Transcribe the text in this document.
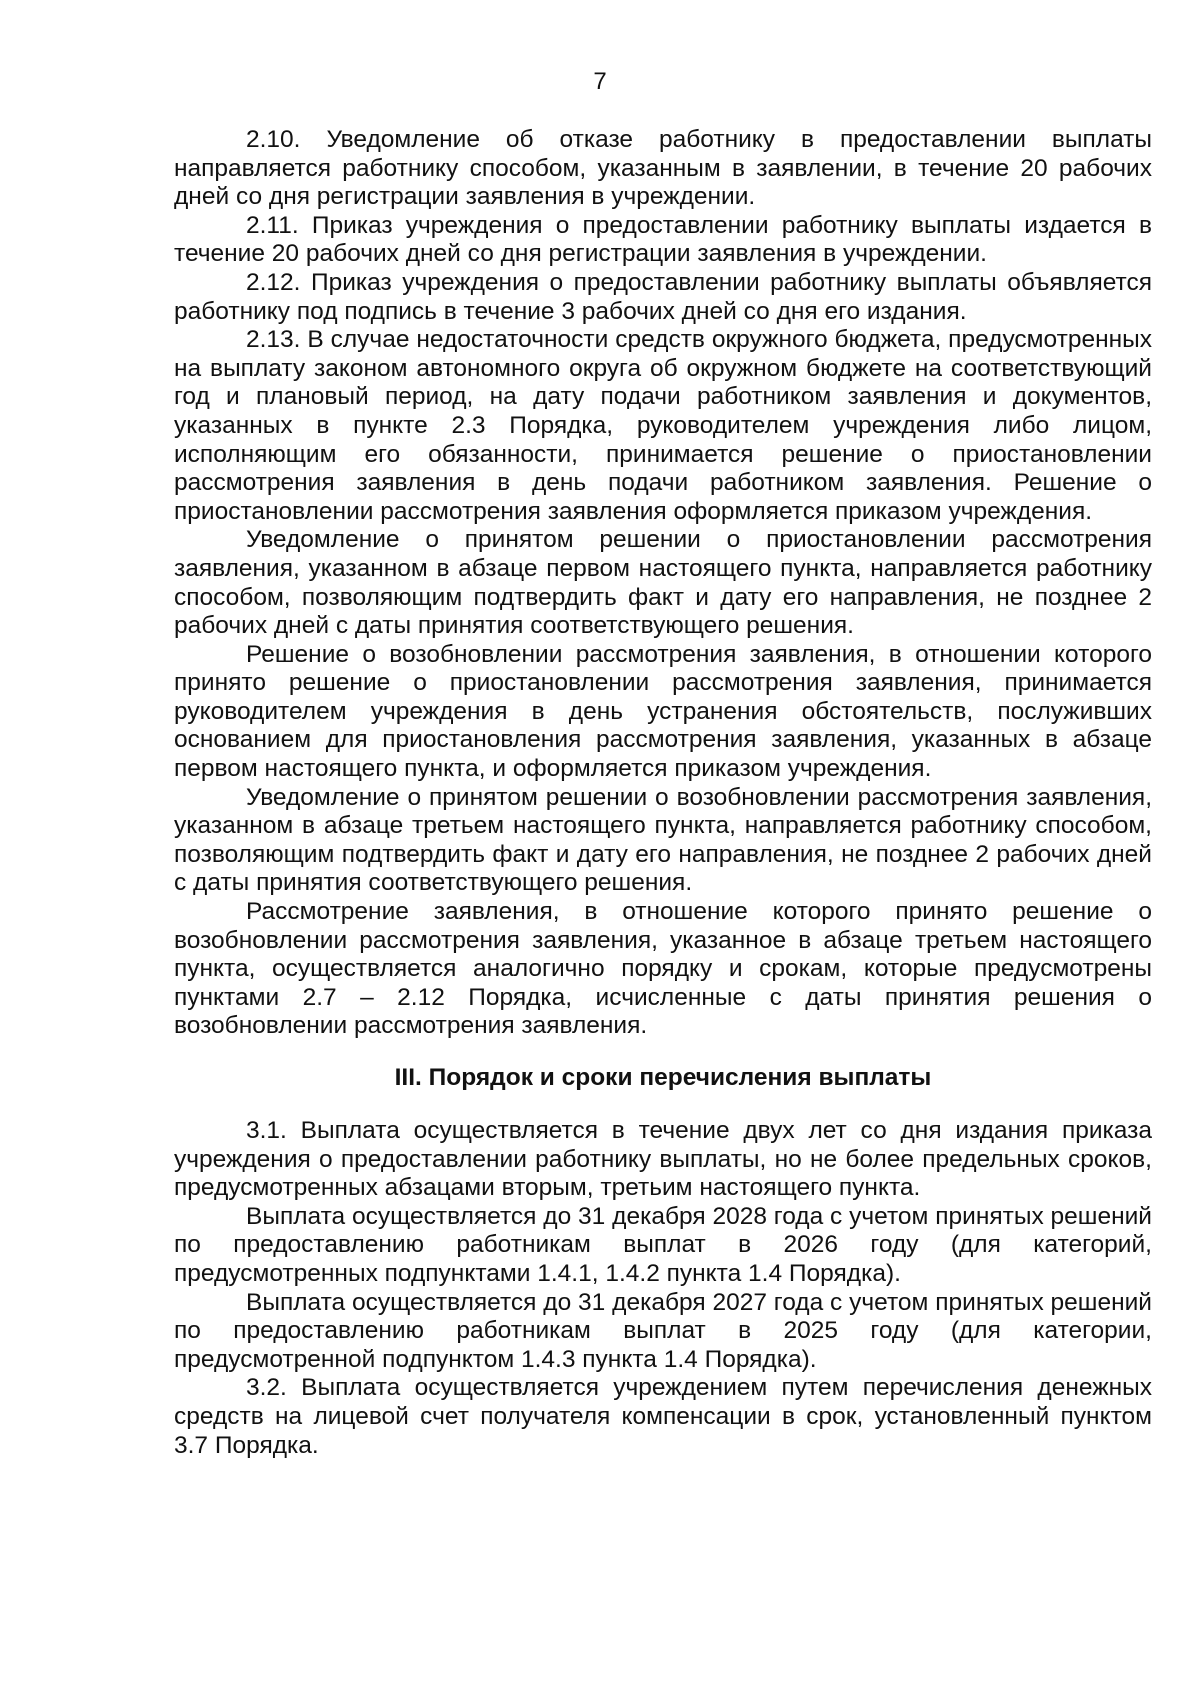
7

2.10. Уведомление об отказе работнику в предоставлении выплаты направляется работнику способом, указанным в заявлении, в течение 20 рабочих дней со дня регистрации заявления в учреждении.

2.11. Приказ учреждения о предоставлении работнику выплаты издается в течение 20 рабочих дней со дня регистрации заявления в учреждении.

2.12. Приказ учреждения о предоставлении работнику выплаты объявляется работнику под подпись в течение 3 рабочих дней со дня его издания.

2.13. В случае недостаточности средств окружного бюджета, предусмотренных на выплату законом автономного округа об окружном бюджете на соответствующий год и плановый период, на дату подачи работником заявления и документов, указанных в пункте 2.3 Порядка, руководителем учреждения либо лицом, исполняющим его обязанности, принимается решение о приостановлении рассмотрения заявления в день подачи работником заявления. Решение о приостановлении рассмотрения заявления оформляется приказом учреждения.

Уведомление о принятом решении о приостановлении рассмотрения заявления, указанном в абзаце первом настоящего пункта, направляется работнику способом, позволяющим подтвердить факт и дату его направления, не позднее 2 рабочих дней с даты принятия соответствующего решения.

Решение о возобновлении рассмотрения заявления, в отношении которого принято решение о приостановлении рассмотрения заявления, принимается руководителем учреждения в день устранения обстоятельств, послуживших основанием для приостановления рассмотрения заявления, указанных в абзаце первом настоящего пункта, и оформляется приказом учреждения.

Уведомление о принятом решении о возобновлении рассмотрения заявления, указанном в абзаце третьем настоящего пункта, направляется работнику способом, позволяющим подтвердить факт и дату его направления, не позднее 2 рабочих дней с даты принятия соответствующего решения.

Рассмотрение заявления, в отношение которого принято решение о возобновлении рассмотрения заявления, указанное в абзаце третьем настоящего пункта, осуществляется аналогично порядку и срокам, которые предусмотрены пунктами 2.7 – 2.12 Порядка, исчисленные с даты принятия решения о возобновлении рассмотрения заявления.

III. Порядок и сроки перечисления выплаты

3.1. Выплата осуществляется в течение двух лет со дня издания приказа учреждения о предоставлении работнику выплаты, но не более предельных сроков, предусмотренных абзацами вторым, третьим настоящего пункта.

Выплата осуществляется до 31 декабря 2028 года с учетом принятых решений по предоставлению работникам выплат в 2026 году (для категорий, предусмотренных подпунктами 1.4.1, 1.4.2 пункта 1.4 Порядка).

Выплата осуществляется до 31 декабря 2027 года с учетом принятых решений по предоставлению работникам выплат в 2025 году (для категории, предусмотренной подпунктом 1.4.3 пункта 1.4 Порядка).

3.2. Выплата осуществляется учреждением путем перечисления денежных средств на лицевой счет получателя компенсации в срок, установленный пунктом 3.7 Порядка.
